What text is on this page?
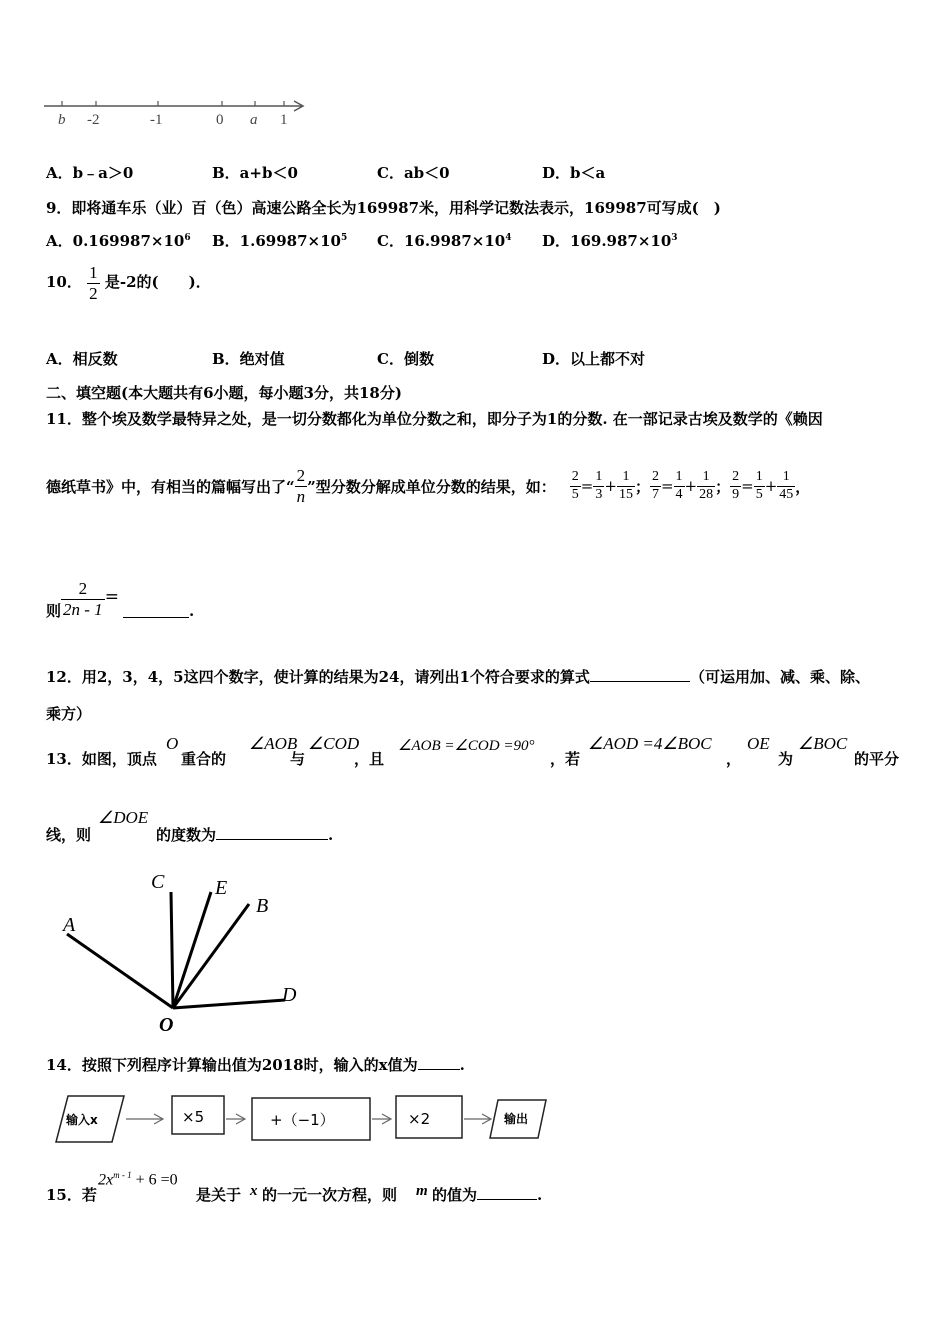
b -2	-1	0 a 1
A．b﹣a＞0	B．a+b＜0	C．ab＜0	D．b＜a
9．即将通车乐（业）百（色）高速公路全长为169987米，用科学记数法表示，169987可写成(　)
A．$0.169987\times 10^6$ B．$1.69987\times 10^5$ C．$16.9987\times 10^4$ D．$169.987\times 10^3$
10． $\frac{1}{2}$ 是-2的(　　)．
A．相反数	B．绝对值	C．倒数	D．以上都不对
二、填空题(本大题共有6小题，每小题3分，共18分)
11．整个埃及数学最特异之处，是一切分数都化为单位分数之和，即分子为1的分数. 在一部记录古埃及数学的《赖因
德纸草书》中，有相当的篇幅写出了“ $\frac{2}{n}$ ”型分数分解成单位分数的结果，如： $\frac{2}{5} = \frac{1}{3} + \frac{1}{15}$ ； $\frac{2}{7} = \frac{1}{4} + \frac{1}{28}$ ； $\frac{2}{9} = \frac{1}{5} + \frac{1}{45}$ ，
则 $\frac{2}{2n - 1}$ =
.
12．用2，3，4，5这四个数字，使计算的结果为24，请列出1个符合要求的算式	（可运用加、减、乘、除、
乘方）
13．如图，顶点
O
重合的
∠AOB
与
∠COD
，且
∠AOB =∠COD =90°
，若
∠AOD =4∠BOC
，
OE
为
∠BOC
的平分
线，则
∠DOE
的度数为	.
C	E
B
A
D
O
14．按照下列程序计算输出值为2018时，输入的x值为	.
输入x	×5	+（−1）	×2	输出
15．若
$2x^{m - 1} + 6 =0$
是关于 x 的一元一次方程，则 m 的值为	.
